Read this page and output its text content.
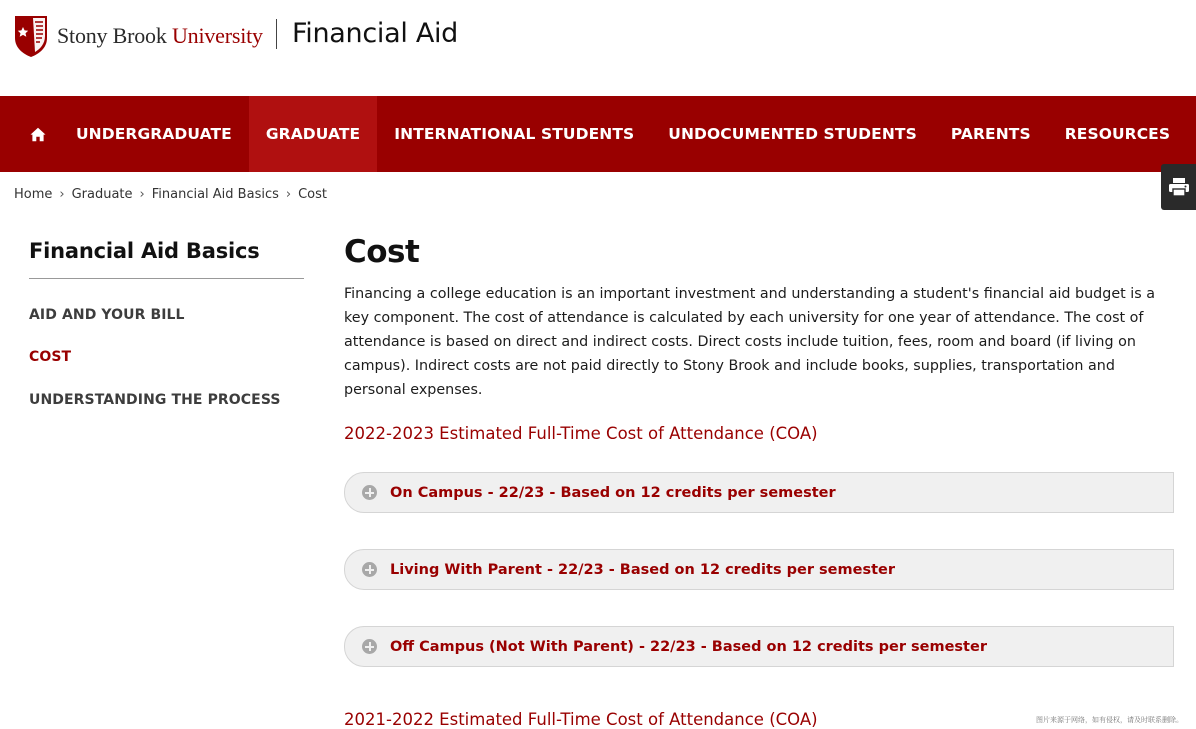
Stony Brook University Financial Aid
UNDERGRADUATE	GRADUATE	INTERNATIONAL STUDENTS	UNDOCUMENTED STUDENTS	PARENTS	RESOURCES
Home › Graduate › Financial Aid Basics › Cost
Financial Aid Basics
AID AND YOUR BILL
COST
UNDERSTANDING THE PROCESS
Cost

Financing a college education is an important investment and understanding a student's financial aid budget is a key component. The cost of attendance is calculated by each university for one year of attendance. The cost of attendance is based on direct and indirect costs. Direct costs include tuition, fees, room and board (if living on campus). Indirect costs are not paid directly to Stony Brook and include books, supplies, transportation and personal expenses.

2022-2023 Estimated Full-Time Cost of Attendance (COA)
On Campus - 22/23 - Based on 12 credits per semester
Living With Parent - 22/23 - Based on 12 credits per semester
Off Campus (Not With Parent) - 22/23 - Based on 12 credits per semester
2021-2022 Estimated Full-Time Cost of Attendance (COA)	图片来源于网络，如有侵权，请及时联系删除。
